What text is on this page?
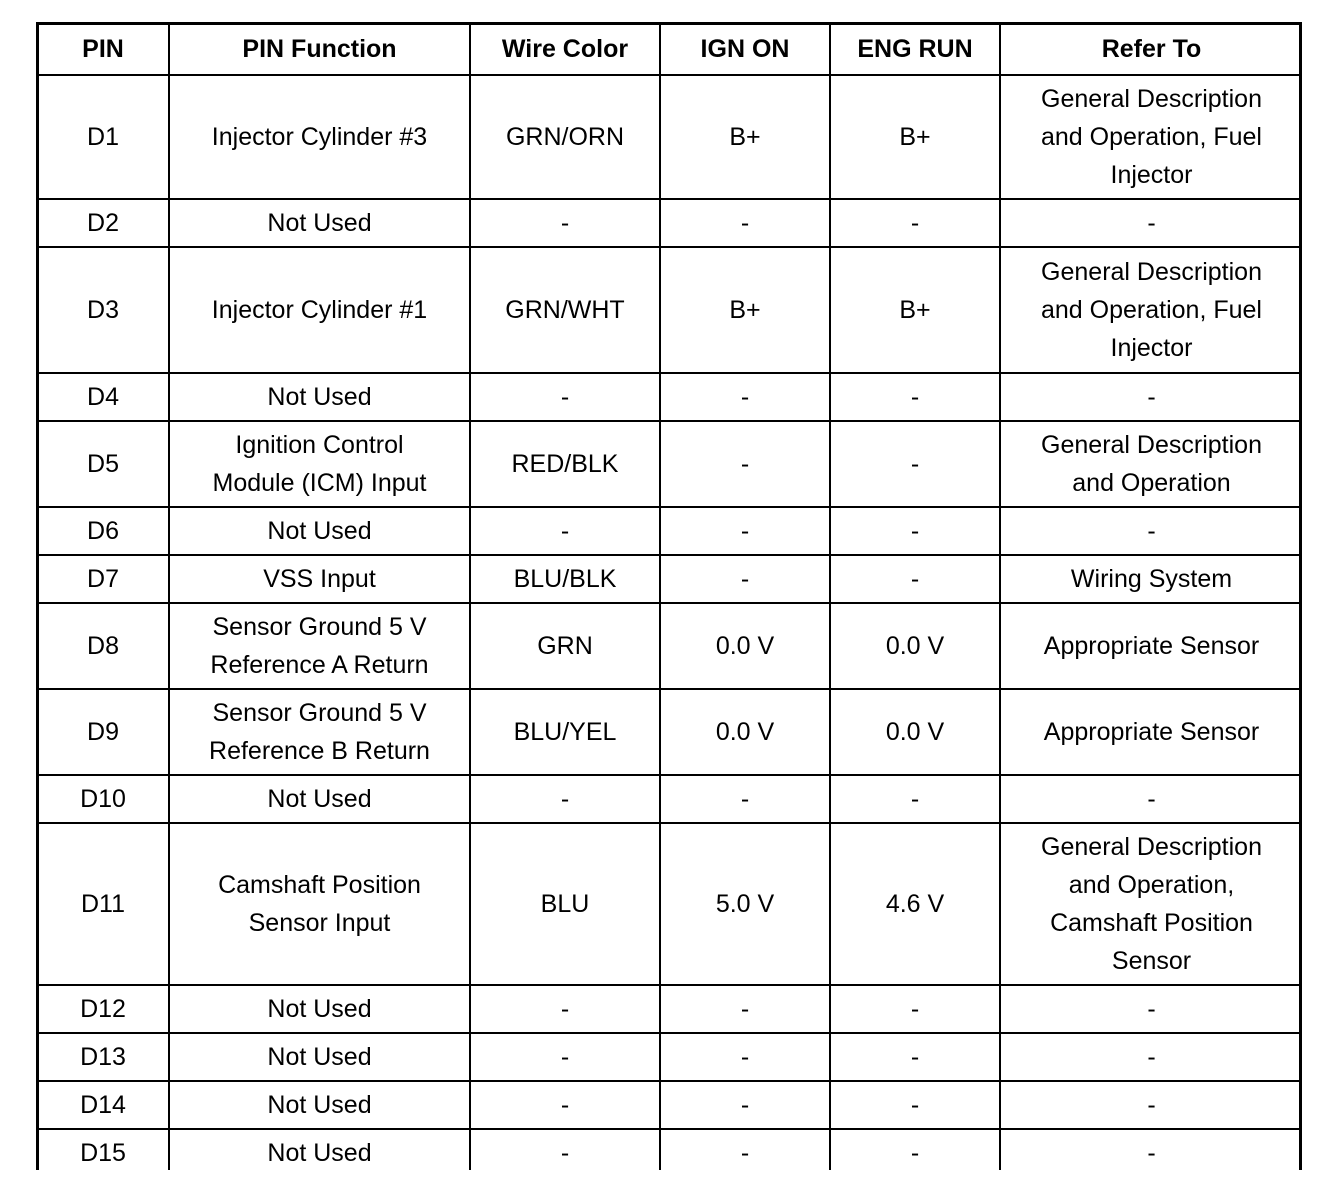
PIN	PIN Function	Wire Color	IGN ON	ENG RUN	Refer To

D1	Injector Cylinder #3	GRN/ORN	B+	B+	General Description
and Operation, Fuel
Injector

D2	Not Used	-	-	-	-

D3	Injector Cylinder #1	GRN/WHT	B+	B+	General Description
and Operation, Fuel
Injector

D4	Not Used	-	-	-	-

D5	Ignition Control
Module (ICM) Input	RED/BLK	-	-	General Description
and Operation

D6	Not Used	-	-	-	-

D7	VSS Input	BLU/BLK	-	-	Wiring System

D8	Sensor Ground 5 V
Reference A Return	GRN	0.0 V	0.0 V	Appropriate Sensor

D9	Sensor Ground 5 V
Reference B Return	BLU/YEL	0.0 V	0.0 V	Appropriate Sensor

D10	Not Used	-	-	-	-

D11	Camshaft Position
Sensor Input	BLU	5.0 V	4.6 V	General Description
and Operation,
Camshaft Position
Sensor

D12	Not Used	-	-	-	-

D13	Not Used	-	-	-	-

D14	Not Used	-	-	-	-

D15	Not Used	-	-	-	-
